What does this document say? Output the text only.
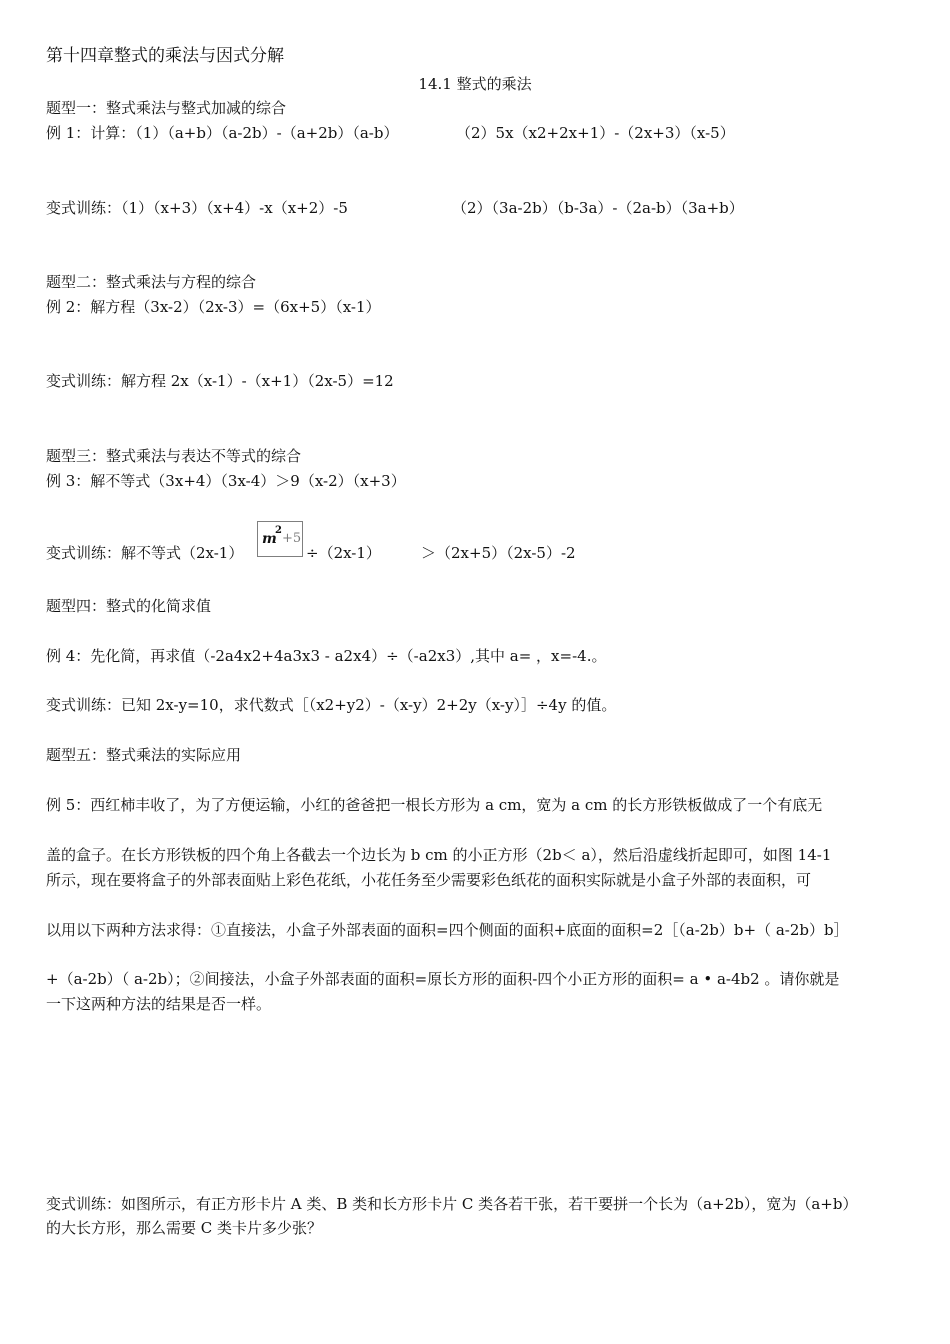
第十四章整式的乘法与因式分解
14.1 整式的乘法
题型一：整式乘法与整式加减的综合
例 1：计算：（1）（a+b）（a-2b）-（a+2b）（a-b）	（2）5x（x2+2x+1）-（2x+3）（x-5）
变式训练：（1）（x+3）（x+4）-x（x+2）-5	（2）（3a-2b）（b-3a）-（2a-b）（3a+b）
题型二：整式乘法与方程的综合
例 2：解方程（3x-2）（2x-3）=（6x+5）（x-1）
变式训练：解方程 2x（x-1）-（x+1）（2x-5）=12
题型三：整式乘法与表达不等式的综合
例 3：解不等式（3x+4）（3x-4）＞9（x-2）（x+3）
变式训练：解不等式（2x-1）
m
2
+5
÷（2x-1）	＞（2x+5）（2x-5）-2
题型四：整式的化简求值
例 4：先化简，再求值（-2a4x2+4a3x3 - a2x4）÷（-a2x3）,其中 a= ，x=-4.。
变式训练：已知 2x-y=10，求代数式［（x2+y2）-（x-y）2+2y（x-y）］÷4y 的值。
题型五：整式乘法的实际应用
例 5：西红柿丰收了，为了方便运输，小红的爸爸把一根长方形为 a cm，宽为 a cm 的长方形铁板做成了一个有底无
盖的盒子。在长方形铁板的四个角上各截去一个边长为 b cm 的小正方形（2b＜ a），然后沿虚线折起即可，如图 14-1
所示，现在要将盒子的外部表面贴上彩色花纸，小花任务至少需要彩色纸花的面积实际就是小盒子外部的表面积，可
以用以下两种方法求得：①直接法，小盒子外部表面的面积=四个侧面的面积+底面的面积=2［（a-2b）b+（ a-2b）b］
+（a-2b）（ a-2b）；②间接法，小盒子外部表面的面积=原长方形的面积-四个小正方形的面积= a • a-4b2 。请你就是
一下这两种方法的结果是否一样。
变式训练：如图所示，有正方形卡片 A 类、B 类和长方形卡片 C 类各若干张，若干要拼一个长为（a+2b），宽为（a+b）
的大长方形，那么需要 C 类卡片多少张？
